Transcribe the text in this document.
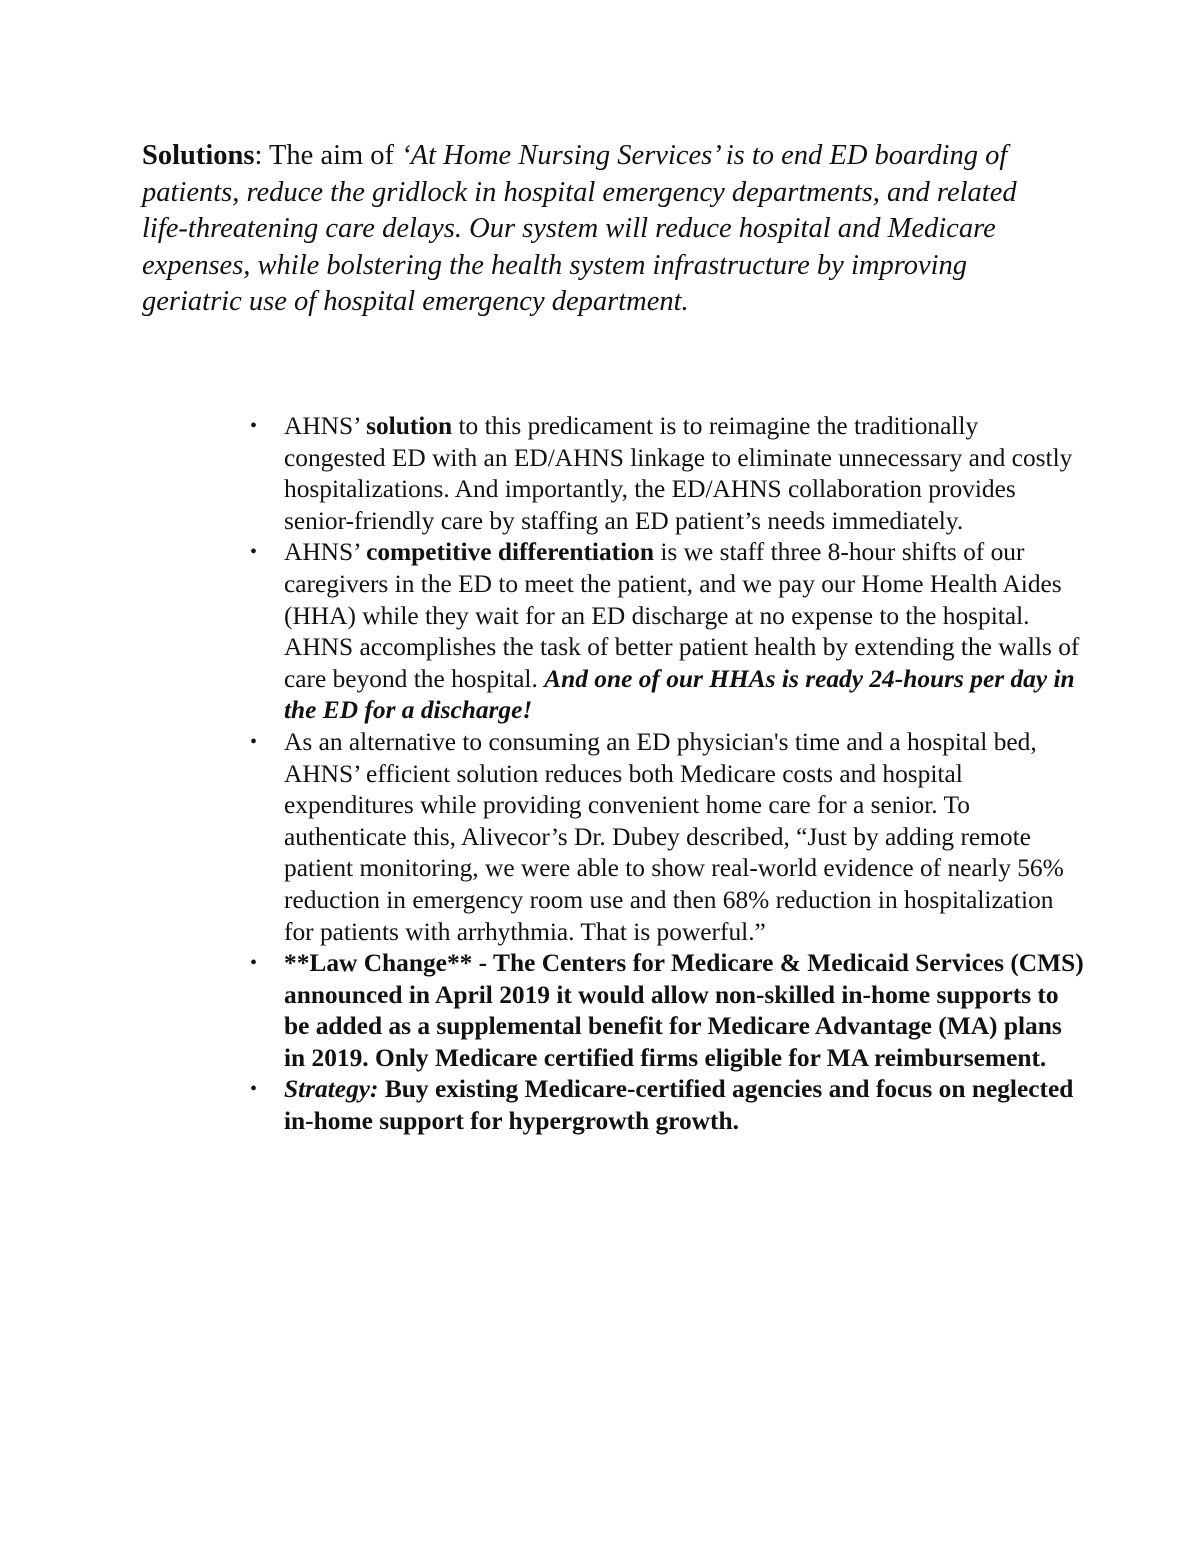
Solutions: The aim of ‘At Home Nursing Services’ is to end ED boarding of patients, reduce the gridlock in hospital emergency departments, and related life-threatening care delays. Our system will reduce hospital and Medicare expenses, while bolstering the health system infrastructure by improving geriatric use of hospital emergency department.

• AHNS’ solution to this predicament is to reimagine the traditionally congested ED with an ED/AHNS linkage to eliminate unnecessary and costly hospitalizations. And importantly, the ED/AHNS collaboration provides senior-friendly care by staffing an ED patient’s needs immediately.
• AHNS’ competitive differentiation is we staff three 8-hour shifts of our caregivers in the ED to meet the patient, and we pay our Home Health Aides (HHA) while they wait for an ED discharge at no expense to the hospital. AHNS accomplishes the task of better patient health by extending the walls of care beyond the hospital. And one of our HHAs is ready 24-hours per day in the ED for a discharge!
• As an alternative to consuming an ED physician's time and a hospital bed, AHNS’ efficient solution reduces both Medicare costs and hospital expenditures while providing convenient home care for a senior. To authenticate this, Alivecor’s Dr. Dubey described, “Just by adding remote patient monitoring, we were able to show real-world evidence of nearly 56% reduction in emergency room use and then 68% reduction in hospitalization for patients with arrhythmia. That is powerful.”
• **Law Change** - The Centers for Medicare & Medicaid Services (CMS) announced in April 2019 it would allow non-skilled in-home supports to be added as a supplemental benefit for Medicare Advantage (MA) plans in 2019. Only Medicare certified firms eligible for MA reimbursement.
• Strategy: Buy existing Medicare-certified agencies and focus on neglected in-home support for hypergrowth growth.
